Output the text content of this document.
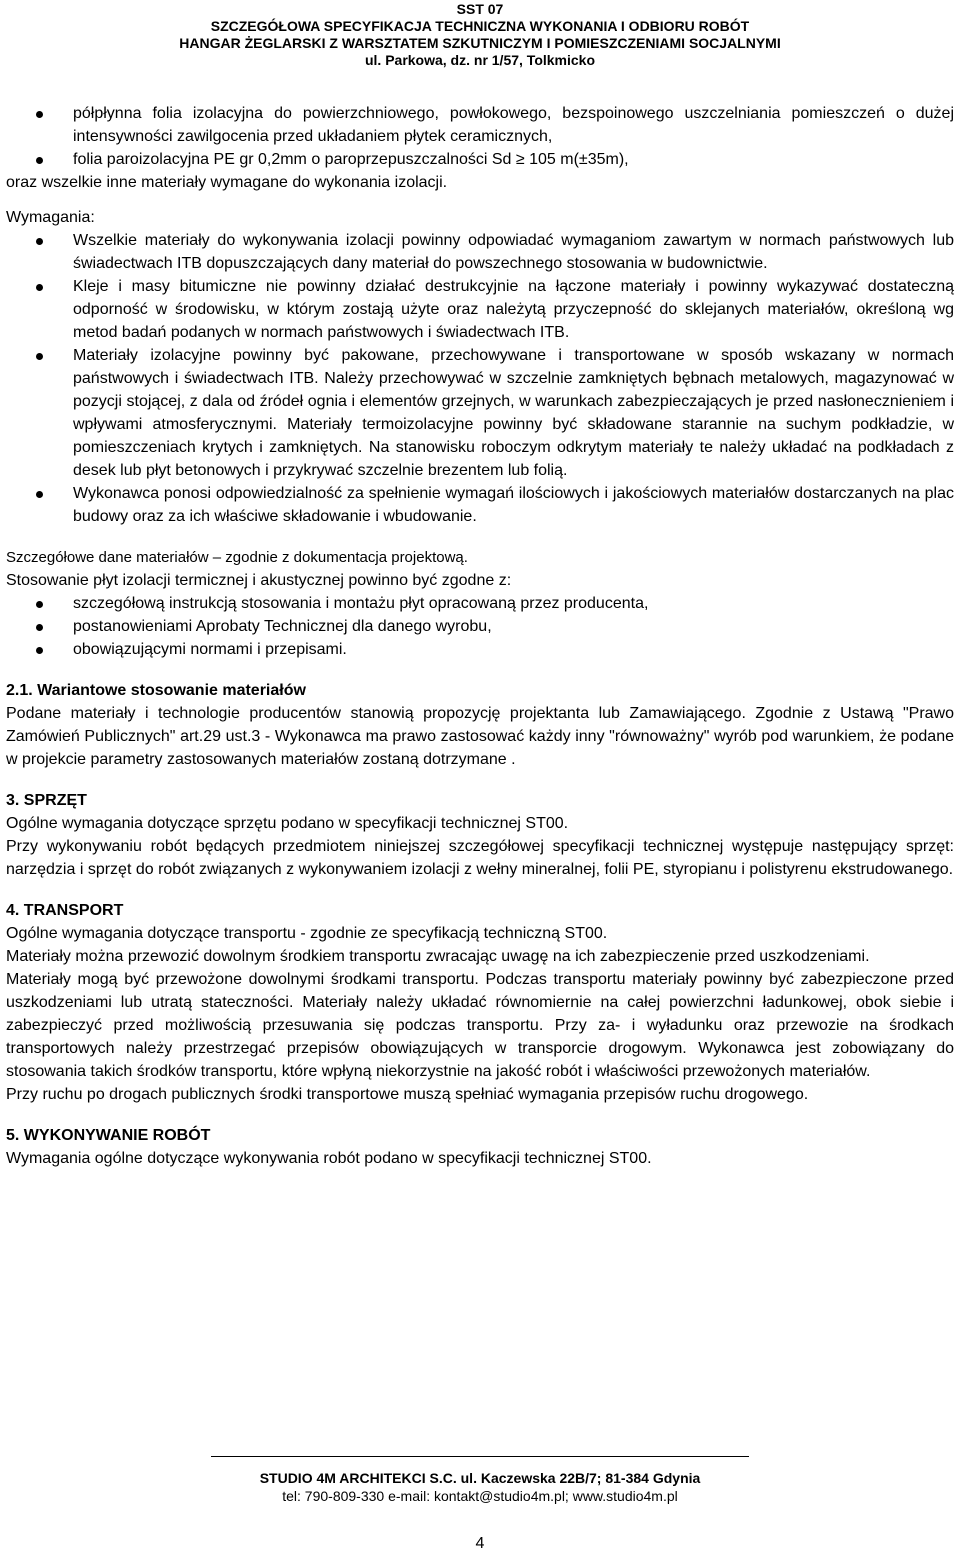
SST 07
SZCZEGÓŁOWA SPECYFIKACJA TECHNICZNA WYKONANIA I ODBIORU ROBÓT
HANGAR ŻEGLARSKI Z WARSZTATEM SZKUTNICZYM I POMIESZCZENIAMI SOCJALNYMI
ul. Parkowa, dz. nr 1/57, Tolkmicko
półpłynna folia izolacyjna do powierzchniowego, powłokowego, bezspoinowego uszczelniania pomieszczeń o dużej intensywności zawilgocenia przed układaniem płytek ceramicznych,
folia paroizolacyjna PE gr 0,2mm o paroprzepuszczalności Sd ≥ 105 m(±35m),
oraz wszelkie inne materiały wymagane do wykonania izolacji.
Wymagania:
Wszelkie materiały do wykonywania izolacji powinny odpowiadać wymaganiom zawartym w normach państwowych lub świadectwach ITB dopuszczających dany materiał do powszechnego stosowania w budownictwie.
Kleje i masy bitumiczne nie powinny działać destrukcyjnie na łączone materiały i powinny wykazywać dostateczną odporność w środowisku, w którym zostają użyte oraz należytą przyczepność do sklejanych materiałów, określoną wg metod badań podanych w normach państwowych i świadectwach ITB.
Materiały izolacyjne powinny być pakowane, przechowywane i transportowane w sposób wskazany w normach państwowych i świadectwach ITB. Należy przechowywać w szczelnie zamkniętych bębnach metalowych, magazynować w pozycji stojącej, z dala od źródeł ognia i elementów grzejnych, w warunkach zabezpieczających je przed nasłonecznieniem i wpływami atmosferycznymi. Materiały termoizolacyjne powinny być składowane starannie na suchym podkładzie, w pomieszczeniach krytych i zamkniętych. Na stanowisku roboczym odkrytym materiały te należy układać na podkładach z desek lub płyt betonowych i przykrywać szczelnie brezentem lub folią.
Wykonawca ponosi odpowiedzialność za spełnienie wymagań ilościowych i jakościowych materiałów dostarczanych na plac budowy oraz za ich właściwe składowanie i wbudowanie.
Szczegółowe dane materiałów – zgodnie z dokumentacja projektową.
Stosowanie płyt izolacji termicznej i akustycznej powinno być zgodne z:
szczegółową instrukcją stosowania i montażu płyt opracowaną przez producenta,
postanowieniami Aprobaty Technicznej dla danego wyrobu,
obowiązującymi normami i przepisami.
2.1. Wariantowe stosowanie materiałów
Podane materiały i technologie producentów stanowią propozycję projektanta lub Zamawiającego. Zgodnie z Ustawą "Prawo Zamówień Publicznych" art.29 ust.3 - Wykonawca ma prawo zastosować każdy inny "równoważny" wyrób pod warunkiem, że podane w projekcie parametry zastosowanych materiałów zostaną dotrzymane .
3. SPRZĘT
Ogólne wymagania dotyczące sprzętu podano w specyfikacji technicznej ST00.
Przy wykonywaniu robót będących przedmiotem niniejszej szczegółowej specyfikacji technicznej występuje następujący sprzęt: narzędzia i sprzęt do robót związanych z wykonywaniem izolacji z wełny mineralnej, folii PE, styropianu i polistyrenu ekstrudowanego.
4. TRANSPORT
Ogólne wymagania dotyczące transportu - zgodnie ze specyfikacją techniczną ST00.
Materiały można przewozić dowolnym środkiem transportu zwracając uwagę na ich zabezpieczenie przed uszkodzeniami.
Materiały mogą być przewożone dowolnymi środkami transportu. Podczas transportu materiały powinny być zabezpieczone przed uszkodzeniami lub utratą stateczności. Materiały należy układać równomiernie na całej powierzchni ładunkowej, obok siebie i zabezpieczyć przed możliwością przesuwania się podczas transportu. Przy za- i wyładunku oraz przewozie na środkach transportowych należy przestrzegać przepisów obowiązujących w transporcie drogowym. Wykonawca jest zobowiązany do stosowania takich środków transportu, które wpłyną niekorzystnie na jakość robót i właściwości przewożonych materiałów.
Przy ruchu po drogach publicznych środki transportowe muszą spełniać wymagania przepisów ruchu drogowego.
5. WYKONYWANIE ROBÓT
Wymagania ogólne dotyczące wykonywania robót podano w specyfikacji technicznej ST00.
STUDIO 4M ARCHITEKCI S.C. ul. Kaczewska 22B/7; 81-384 Gdynia
tel: 790-809-330 e-mail: kontakt@studio4m.pl; www.studio4m.pl
4
